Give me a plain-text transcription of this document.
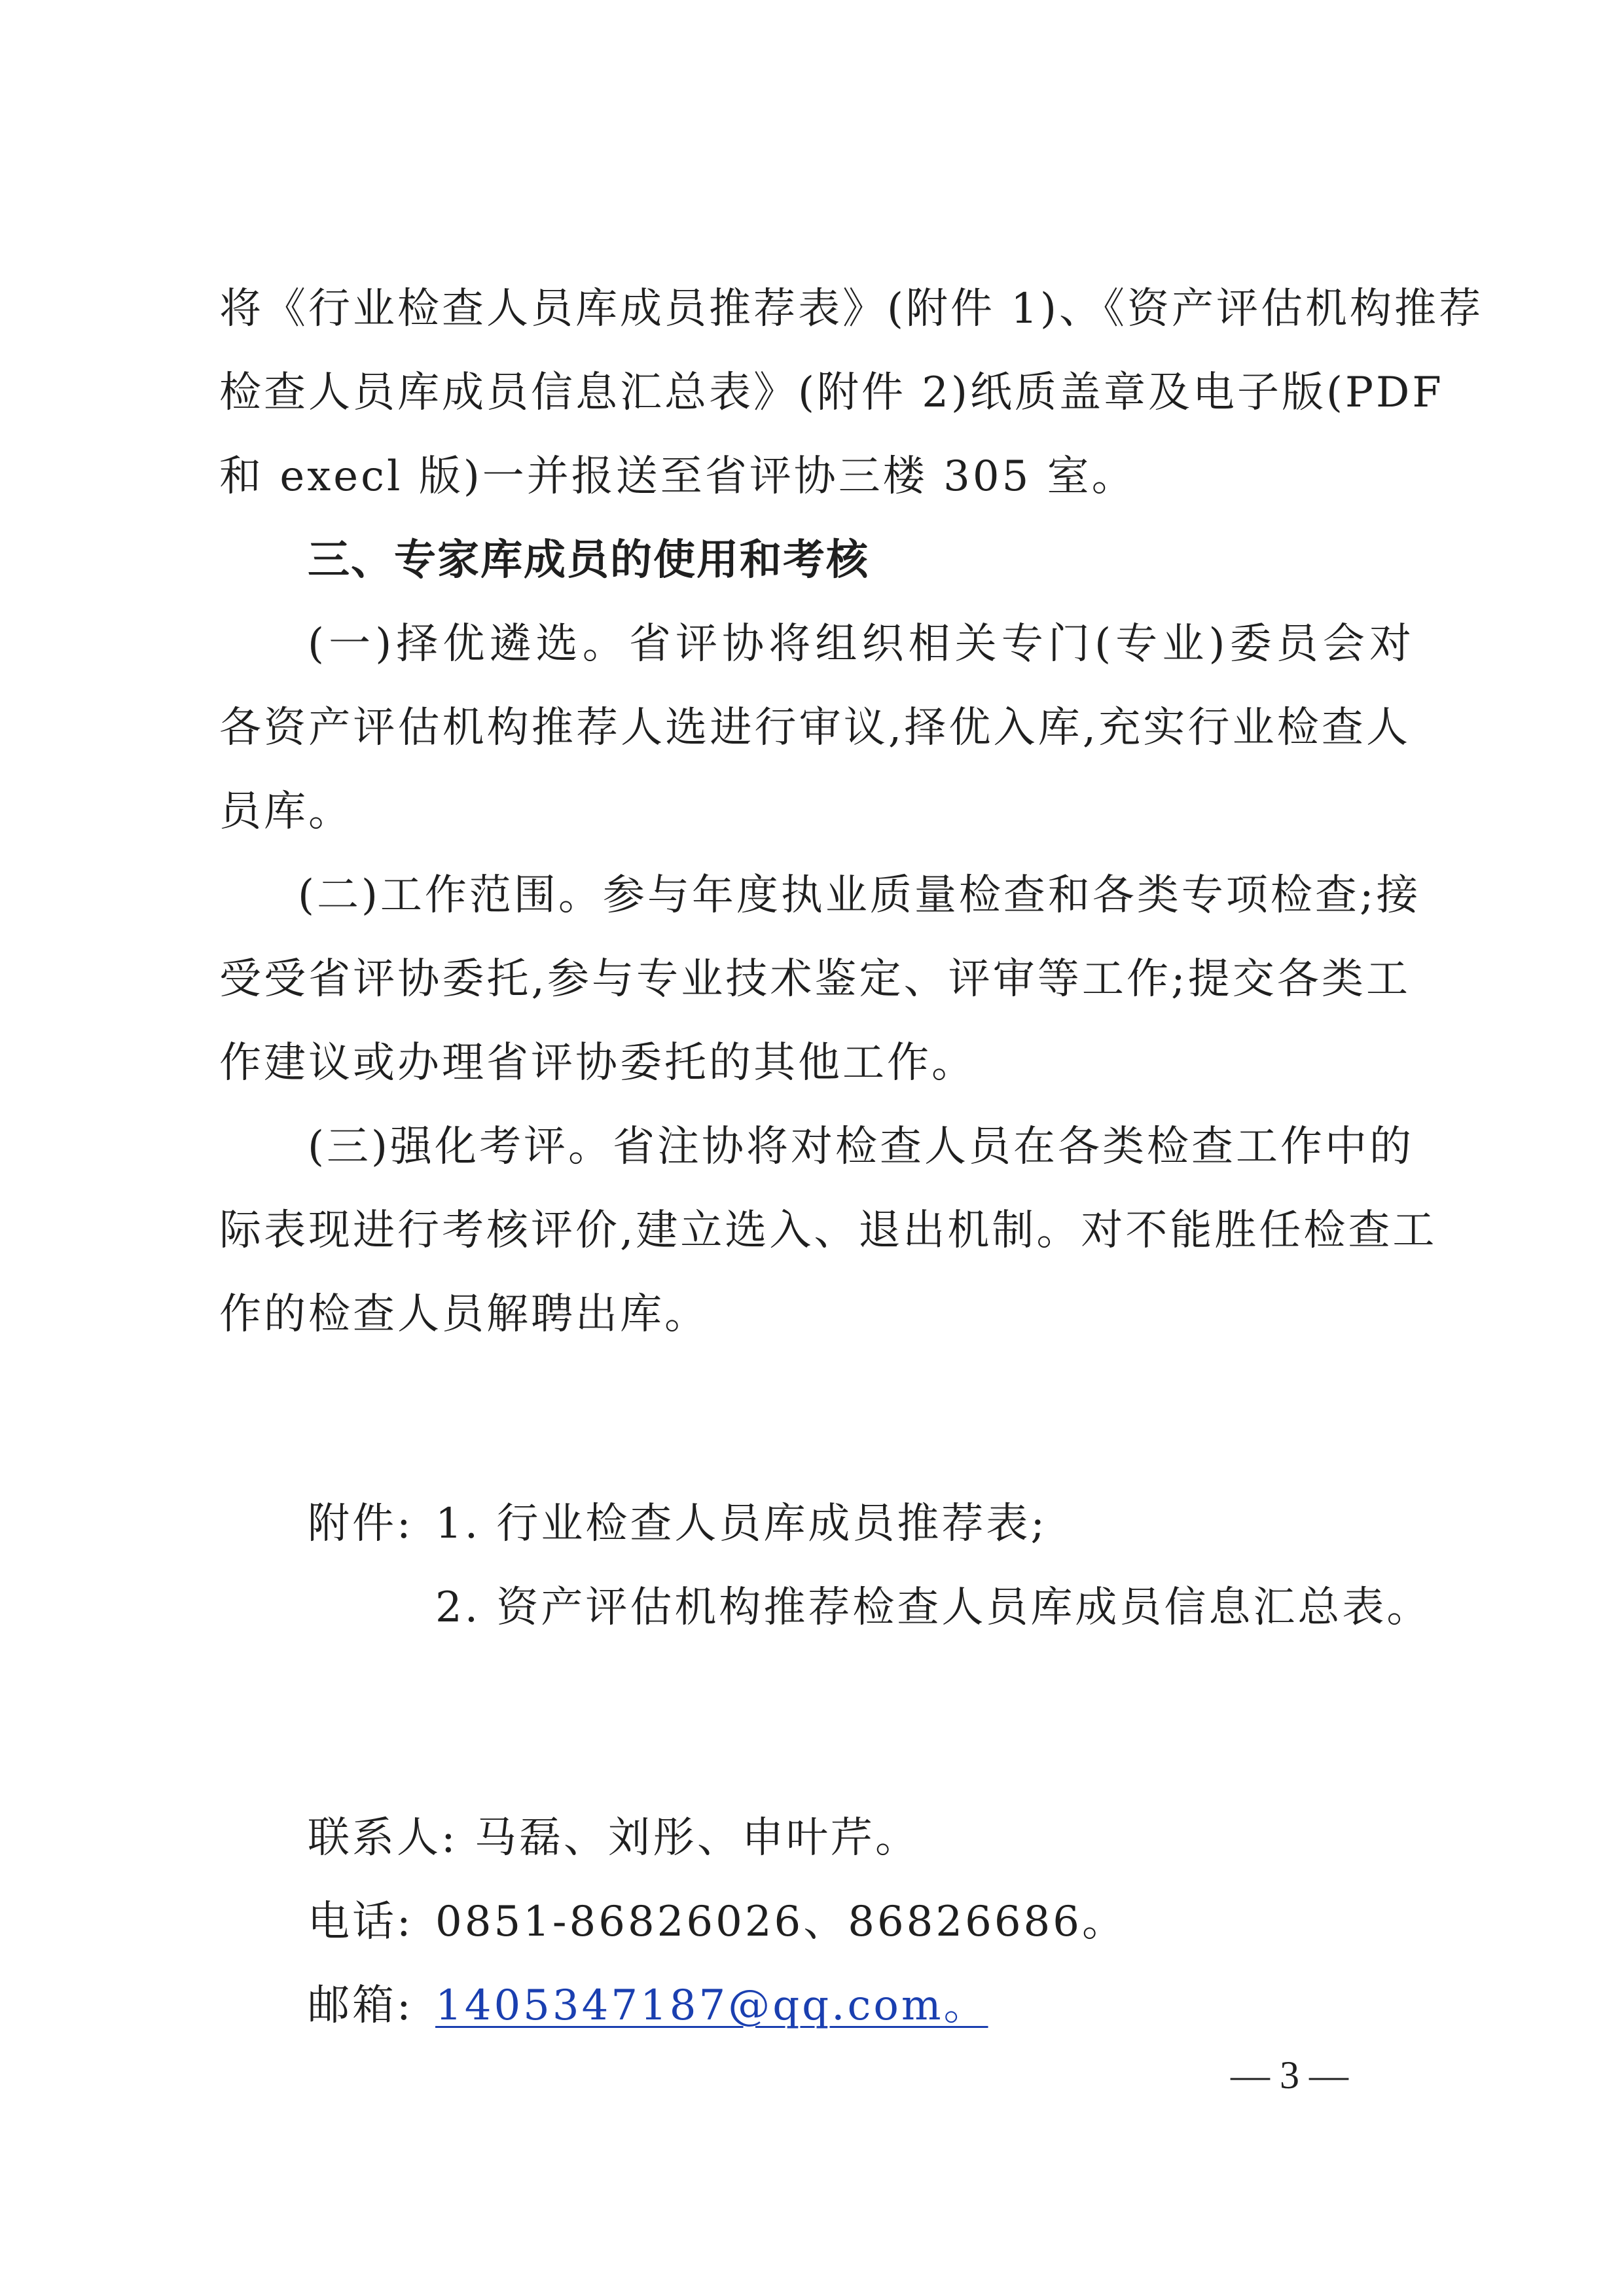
将《行业检查人员库成员推荐表》(附件 1)、《资产评估机构推荐
检查人员库成员信息汇总表》(附件 2)纸质盖章及电子版(PDF
和 execl 版)一并报送至省评协三楼 305 室。
三、专家库成员的使用和考核
(一)择优遴选。省评协将组织相关专门(专业)委员会对
各资产评估机构推荐人选进行审议,择优入库,充实行业检查人
员库。
(二)工作范围。参与年度执业质量检查和各类专项检查;接
受受省评协委托,参与专业技术鉴定、评审等工作;提交各类工
作建议或办理省评协委托的其他工作。
(三)强化考评。省注协将对检查人员在各类检查工作中的
际表现进行考核评价,建立选入、退出机制。对不能胜任检查工
作的检查人员解聘出库。
附件: 1. 行业检查人员库成员推荐表;
2. 资产评估机构推荐检查人员库成员信息汇总表。
联系人: 马磊、刘彤、申叶芹。
电话: 0851-86826026、86826686。
邮箱: 1405347187@qq.com。
— 3 —
